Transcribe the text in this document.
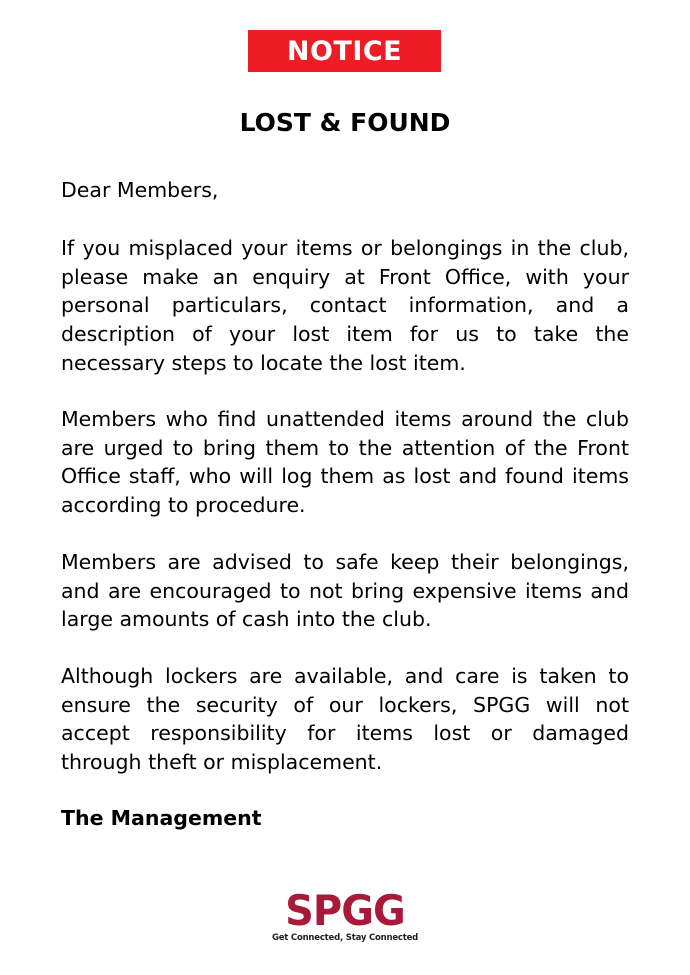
NOTICE
LOST & FOUND

Dear Members,

If you misplaced your items or belongings in the club, please make an enquiry at Front Office, with your personal particulars, contact information, and a description of your lost item for us to take the necessary steps to locate the lost item.

Members who find unattended items around the club are urged to bring them to the attention of the Front Office staff, who will log them as lost and found items according to procedure.

Members are advised to safe keep their belongings, and are encouraged to not bring expensive items and large amounts of cash into the club.

Although lockers are available, and care is taken to ensure the security of our lockers, SPGG will not accept responsibility for items lost or damaged through theft or misplacement.

The Management

SPGG
Get Connected, Stay Connected
